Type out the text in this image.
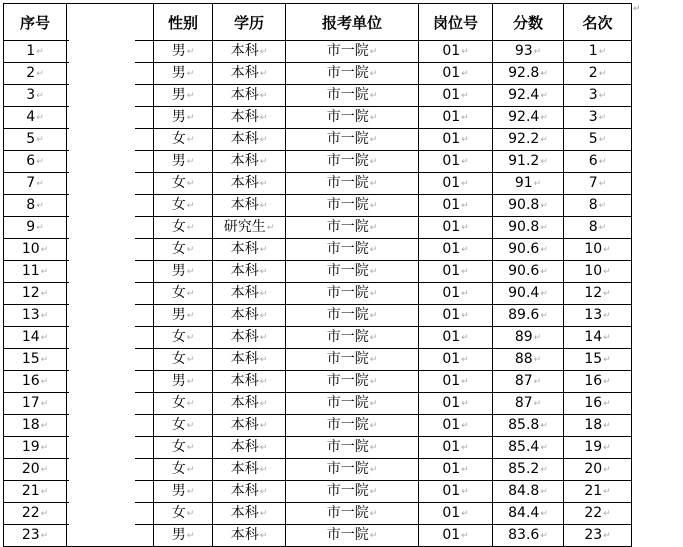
序号		性别	学历	报考单位	岗位号	分数	名次
1↵		男↵	本科↵	市一院↵	01↵	93↵	1↵
2↵		男↵	本科↵	市一院↵	01↵	92.8↵	2↵
3↵		男↵	本科↵	市一院↵	01↵	92.4↵	3↵
4↵		男↵	本科↵	市一院↵	01↵	92.4↵	3↵
5↵		女↵	本科↵	市一院↵	01↵	92.2↵	5↵
6↵		男↵	本科↵	市一院↵	01↵	91.2↵	6↵
7↵		女↵	本科↵	市一院↵	01↵	91↵	7↵
8↵		女↵	本科↵	市一院↵	01↵	90.8↵	8↵
9↵		女↵	研究生↵	市一院↵	01↵	90.8↵	8↵
10↵		女↵	本科↵	市一院↵	01↵	90.6↵	10↵
11↵		男↵	本科↵	市一院↵	01↵	90.6↵	10↵
12↵		女↵	本科↵	市一院↵	01↵	90.4↵	12↵
13↵		男↵	本科↵	市一院↵	01↵	89.6↵	13↵
14↵		女↵	本科↵	市一院↵	01↵	89↵	14↵
15↵		女↵	本科↵	市一院↵	01↵	88↵	15↵
16↵		男↵	本科↵	市一院↵	01↵	87↵	16↵
17↵		女↵	本科↵	市一院↵	01↵	87↵	16↵
18↵		女↵	本科↵	市一院↵	01↵	85.8↵	18↵
19↵		女↵	本科↵	市一院↵	01↵	85.4↵	19↵
20↵		女↵	本科↵	市一院↵	01↵	85.2↵	20↵
21↵		男↵	本科↵	市一院↵	01↵	84.8↵	21↵
22↵		女↵	本科↵	市一院↵	01↵	84.4↵	22↵
23↵		男↵	本科↵	市一院↵	01↵	83.6↵	23↵
↵
